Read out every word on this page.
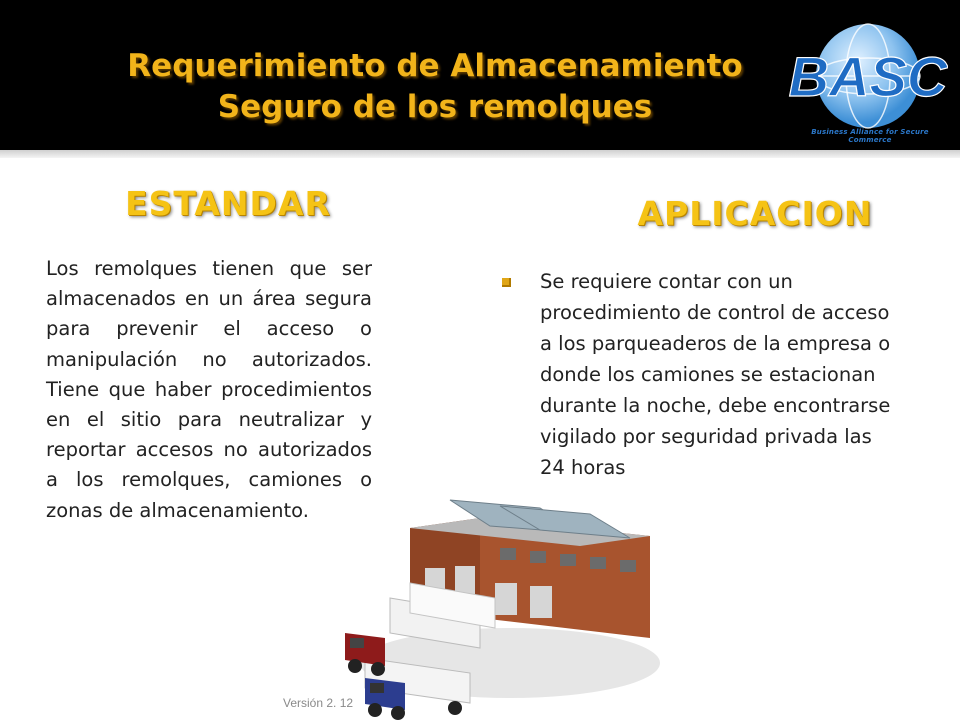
Requerimiento de Almacenamiento
Seguro de los remolques	BASC
Business Alliance for Secure Commerce
ESTANDAR	APLICACION
Los remolques tienen que ser almacenados en un área segura para prevenir el acceso o manipulación no autorizados. Tiene que haber procedimientos en el sitio para neutralizar y reportar accesos no autorizados a los remolques, camiones o zonas de almacenamiento.
Se requiere contar con un procedimiento de control de acceso a los parqueaderos de la empresa o donde los camiones se estacionan durante la noche, debe encontrarse vigilado por seguridad privada las 24 horas
Versión 2. 12
